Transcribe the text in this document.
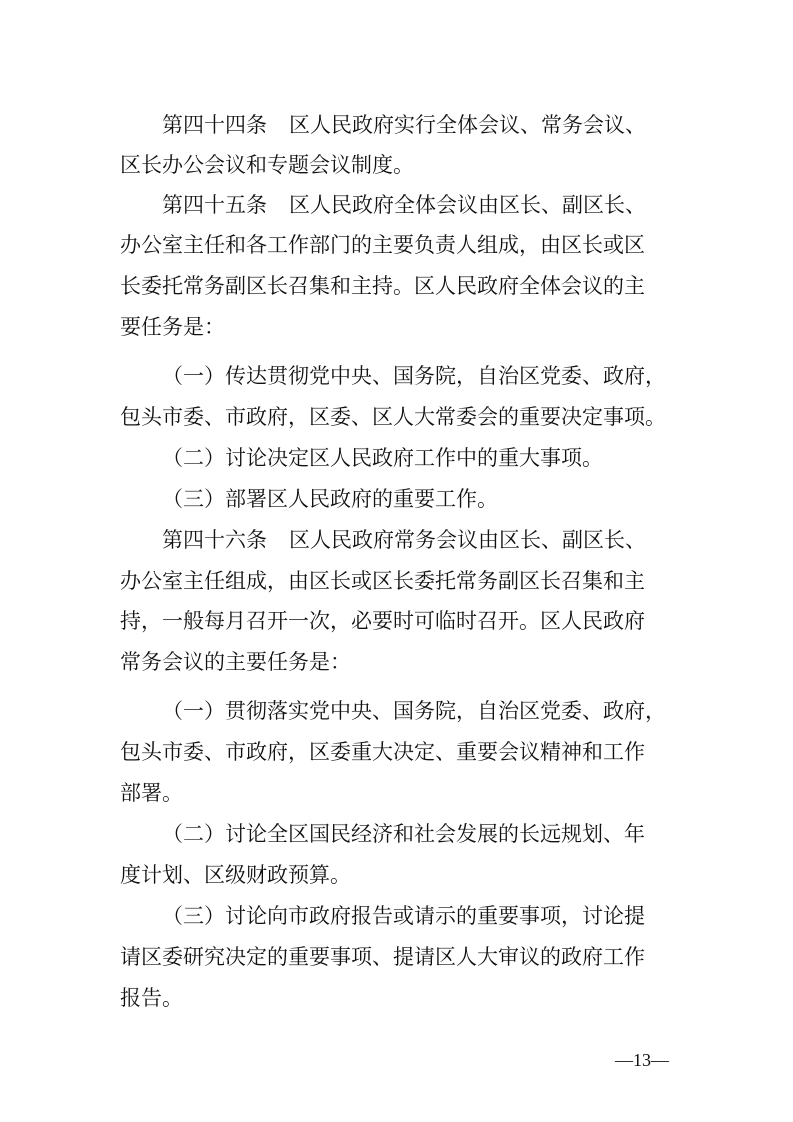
第四十四条 区人民政府实行全体会议、常务会议、
区长办公会议和专题会议制度。
第四十五条 区人民政府全体会议由区长、副区长、
办公室主任和各工作部门的主要负责人组成，由区长或区
长委托常务副区长召集和主持。区人民政府全体会议的主
要任务是：
（一）传达贯彻党中央、国务院，自治区党委、政府，
包头市委、市政府，区委、区人大常委会的重要决定事项。
（二）讨论决定区人民政府工作中的重大事项。
（三）部署区人民政府的重要工作。
第四十六条 区人民政府常务会议由区长、副区长、
办公室主任组成，由区长或区长委托常务副区长召集和主
持，一般每月召开一次，必要时可临时召开。区人民政府
常务会议的主要任务是：
（一）贯彻落实党中央、国务院，自治区党委、政府，
包头市委、市政府，区委重大决定、重要会议精神和工作
部署。
（二）讨论全区国民经济和社会发展的长远规划、年
度计划、区级财政预算。
（三）讨论向市政府报告或请示的重要事项，讨论提
请区委研究决定的重要事项、提请区人大审议的政府工作
报告。
—13—
